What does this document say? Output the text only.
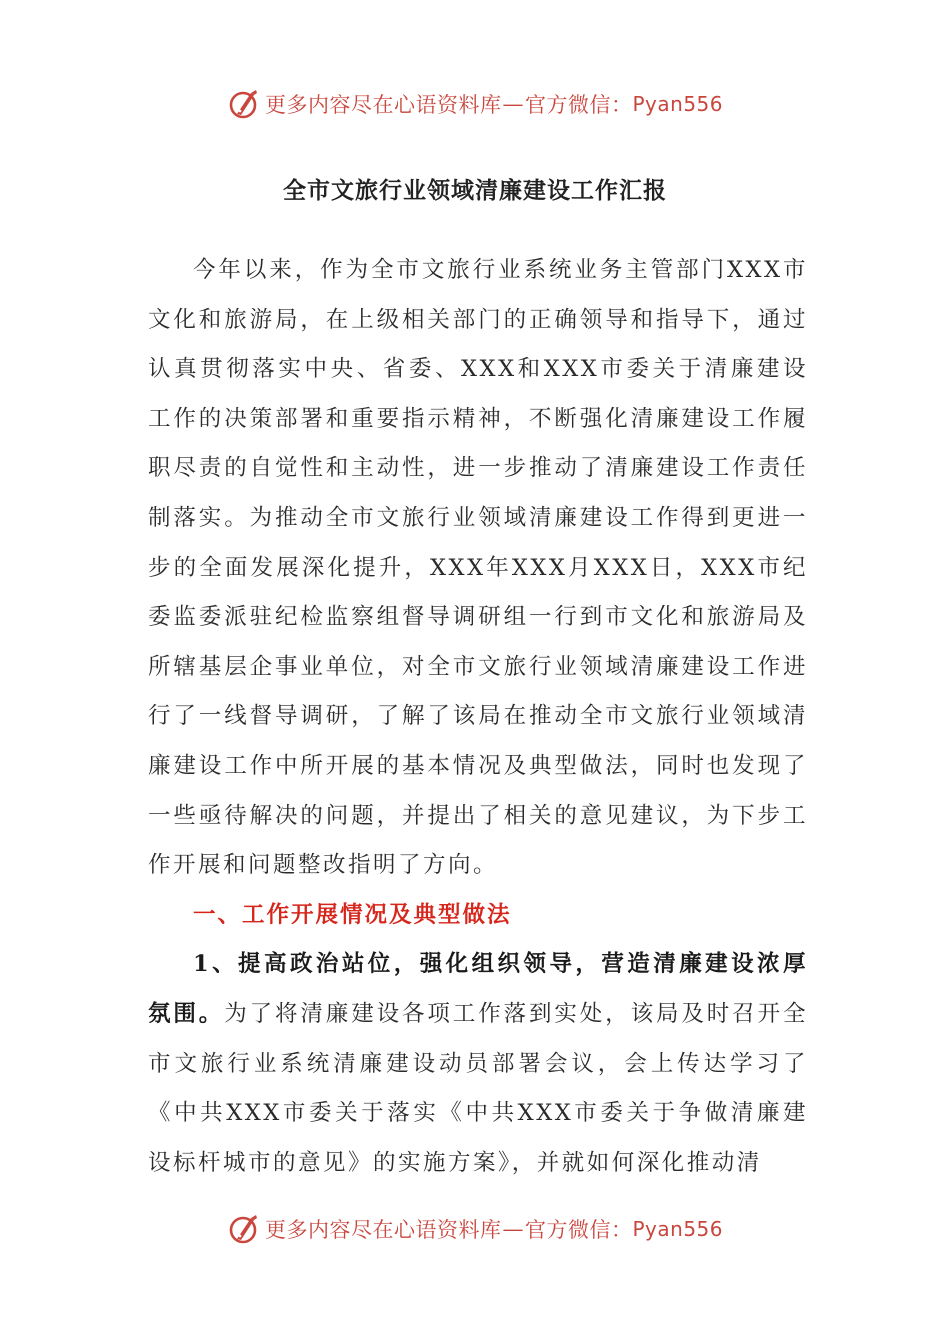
更多内容尽在心语资料库 — 官方微信： Pyan556
全市文旅行业领域清廉建设工作汇报

今年以来，作为全市文旅行业系统业务主管部门XXX市文化和旅游局，在上级相关部门的正确领导和指导下，通过认真贯彻落实中央、省委、XXX和XXX市委关于清廉建设工作的决策部署和重要指示精神，不断强化清廉建设工作履职尽责的自觉性和主动性，进一步推动了清廉建设工作责任制落实。为推动全市文旅行业领域清廉建设工作得到更进一步的全面发展深化提升，XXX年XXX月XXX日，XXX市纪委监委派驻纪检监察组督导调研组一行到市文化和旅游局及所辖基层企事业单位，对全市文旅行业领域清廉建设工作进行了一线督导调研，了解了该局在推动全市文旅行业领域清廉建设工作中所开展的基本情况及典型做法，同时也发现了一些亟待解决的问题，并提出了相关的意见建议，为下步工作开展和问题整改指明了方向。

一、工作开展情况及典型做法

1、提高政治站位，强化组织领导，营造清廉建设浓厚氛围。为了将清廉建设各项工作落到实处，该局及时召开全市文旅行业系统清廉建设动员部署会议，会上传达学习了《中共XXX市委关于落实《中共XXX市委关于争做清廉建设标杆城市的意见》的实施方案》，并就如何深化推动清

更多内容尽在心语资料库 — 官方微信： Pyan556
